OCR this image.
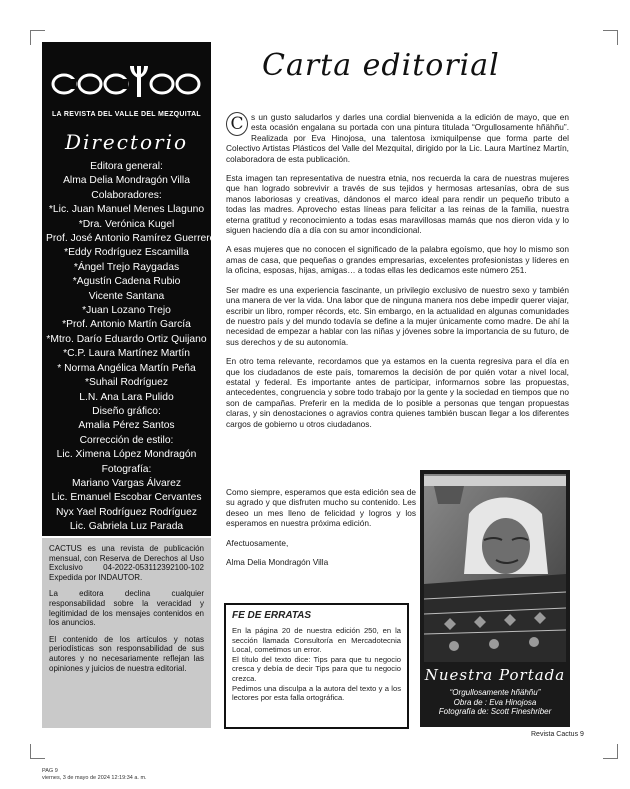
LA REVISTA DEL VALLE DEL MEZQUITAL
Directorio
Editora general:
Alma Delia Mondragón Villa
Colaboradores:
*Lic. Juan Manuel Menes Llaguno
*Dra. Verónica Kugel
Prof. José Antonio Ramírez Guerrero
*Eddy Rodríguez Escamilla
*Ángel Trejo Raygadas
*Agustín Cadena Rubio
Vicente Santana
*Juan Lozano Trejo
*Prof. Antonio Martín García
*Mtro. Darío Eduardo Ortiz Quijano
*C.P. Laura Martínez Martín
* Norma Angélica Martín Peña
*Suhail Rodríguez
L.N. Ana Lara Pulido
Diseño gráfico:
Amalia Pérez Santos
Corrección de estilo:
Lic. Ximena López Mondragón
Fotografía:
Mariano Vargas Álvarez
Lic. Emanuel Escobar Cervantes
Nyx Yael Rodríguez Rodríguez
Lic. Gabriela Luz Parada

CACTUS es una revista de publicación mensual, con Reserva de Derechos al Uso Exclusivo 04-2022-053112392100-102 Expedida por INDAUTOR.

La editora declina cualquier responsabilidad sobre la veracidad y legitimidad de los mensajes contenidos en los anuncios.

El contenido de los artículos y notas periodísticas son responsabilidad de sus autores y no necesariamente reflejan las opiniones y juicios de nuestra editorial.

Carta editorial

C s un gusto saludarlos y darles una cordial bienvenida a la edición de mayo, que en esta ocasión engalana su portada con una pintura titulada “Orgullosamente hñähñu”. Realizada por Eva Hinojosa, una talentosa ixmiquilpense que forma parte del Colectivo Artistas Plásticos del Valle del Mezquital, dirigido por la Lic. Laura Martínez Martín, colaboradora de esta publicación.

Esta imagen tan representativa de nuestra etnia, nos recuerda la cara de nuestras mujeres que han logrado sobrevivir a través de sus tejidos y hermosas artesanías, obra de sus manos laboriosas y creativas, dándonos el marco ideal para rendir un pequeño tributo a todas las madres. Aprovecho estas líneas para felicitar a las reinas de la familia, nuestra eterna gratitud y reconocimiento a todas esas maravillosas mamás que nos dieron vida y lo siguen haciendo día a día con su amor incondicional.

A esas mujeres que no conocen el significado de la palabra egoísmo, que hoy lo mismo son amas de casa, que pequeñas o grandes empresarias, excelentes profesionistas y líderes en la oficina, esposas, hijas, amigas… a todas ellas les dedicamos este número 251.

Ser madre es una experiencia fascinante, un privilegio exclusivo de nuestro sexo y también una manera de ver la vida. Una labor que de ninguna manera nos debe impedir querer viajar, escribir un libro, romper récords, etc. Sin embargo, en la actualidad en algunas comunidades de nuestro país y del mundo todavía se define a la mujer únicamente como madre. De ahí la necesidad de empezar a hablar con las niñas y jóvenes sobre la importancia de su futuro, de sus derechos y de su autonomía.

En otro tema relevante, recordamos que ya estamos en la cuenta regresiva para el día en que los ciudadanos de este país, tomaremos la decisión de por quién votar a nivel local, estatal y federal. Es importante antes de participar, informarnos sobre las propuestas, antecedentes, congruencia y sobre todo trabajo por la gente y la sociedad en tiempos que no son de campañas. Preferir en la medida de lo posible a personas que tengan propuestas claras, y sin denostaciones o agravios contra quienes también buscan llegar a los diferentes cargos de gobierno u otros ciudadanos.

Como siempre, esperamos que esta edición sea de su agrado y que disfruten mucho su contenido. Les deseo un mes lleno de felicidad y logros y los esperamos en nuestra próxima edición.

Afectuosamente,

Alma Delia Mondragón Villa

Nuestra Portada
“Orgullosamente hñähñu”
Obra de : Eva Hinojosa
Fotografía de: Scott Fineshriber
FE DE ERRATAS

En la página 20 de nuestra edición 250, en la sección llamada Consultoría en Mercadotecnia Local, cometimos un error.

El título del texto dice: Tips para que tu negocio cresca y debía de decir Tips para que tu negocio crezca.

Pedimos una disculpa a la autora del texto y a los lectores por esta falla ortográfica.

Revista Cactus 9
PAG 9
viernes, 3 de mayo de 2024 12:19:34 a. m.
